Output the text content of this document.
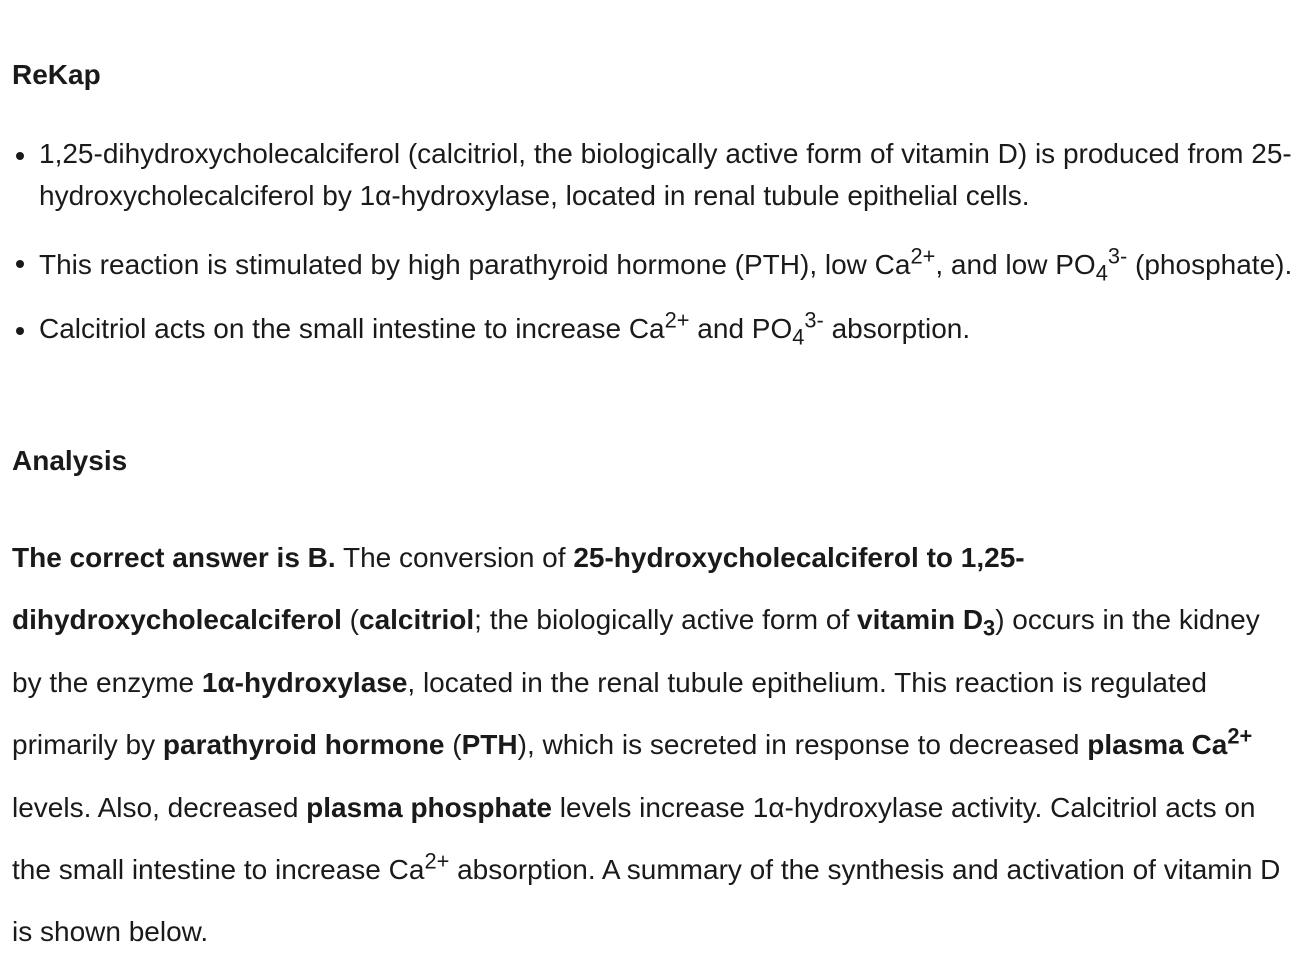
ReKap
1,25-dihydroxycholecalciferol (calcitriol, the biologically active form of vitamin D) is produced from 25-hydroxycholecalciferol by 1α-hydroxylase, located in renal tubule epithelial cells.
This reaction is stimulated by high parathyroid hormone (PTH), low $Ca^{2+}$, and low $PO_4^{3-}$ (phosphate).
Calcitriol acts on the small intestine to increase $Ca^{2+}$ and $PO_4^{3-}$ absorption.
Analysis

The correct answer is B. The conversion of 25-hydroxycholecalciferol to 1,25-dihydroxycholecalciferol (calcitriol; the biologically active form of vitamin $D_3$) occurs in the kidney by the enzyme 1α-hydroxylase, located in the renal tubule epithelium. This reaction is regulated primarily by parathyroid hormone (PTH), which is secreted in response to decreased plasma $Ca^{2+}$ levels. Also, decreased plasma phosphate levels increase 1α-hydroxylase activity. Calcitriol acts on the small intestine to increase $Ca^{2+}$ absorption. A summary of the synthesis and activation of vitamin D is shown below.
